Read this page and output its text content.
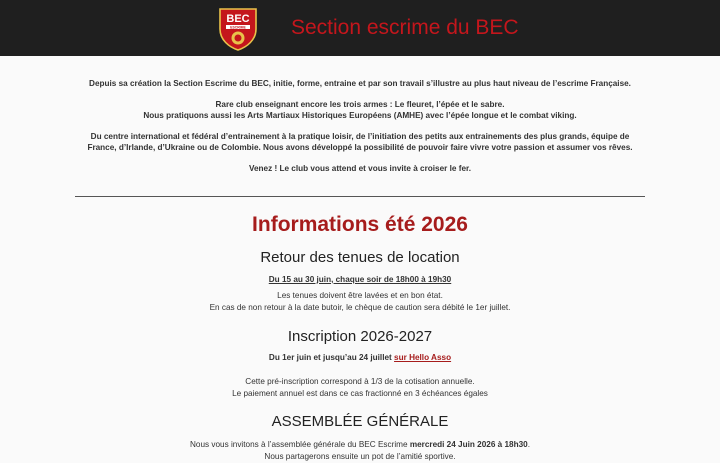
BEC
ESCRIME Section escrime du BEC

Depuis sa création la Section Escrime du BEC, initie, forme, entraine et par son travail s’illustre au plus haut niveau de l’escrime Française.

Rare club enseignant encore les trois armes : Le fleuret, l’épée et le sabre.
Nous pratiquons aussi les Arts Martiaux Historiques Européens (AMHE) avec l’épée longue et le combat viking.

Du centre international et fédéral d’entrainement à la pratique loisir, de l’initiation des petits aux entrainements des plus grands, équipe de France, d’Irlande, d’Ukraine ou de Colombie. Nous avons développé la possibilité de pouvoir faire vivre votre passion et assumer vos rêves.

Venez ! Le club vous attend et vous invite à croiser le fer.

Informations été 2026
Retour des tenues de location

Du 15 au 30 juin, chaque soir de 18h00 à 19h30

Les tenues doivent être lavées et en bon état.

En cas de non retour à la date butoir, le chèque de caution sera débité le 1er juillet.

Inscription 2026-2027

Du 1er juin et jusqu’au 24 juillet sur Hello Asso

Cette pré-inscription correspond à 1/3 de la cotisation annuelle.

Le paiement annuel est dans ce cas fractionné en 3 échéances égales

ASSEMBLÉE GÉNÉRALE

Nous vous invitons à l’assemblée générale du BEC Escrime mercredi 24 Juin 2026 à 18h30.

Nous partagerons ensuite un pot de l’amitié sportive.
